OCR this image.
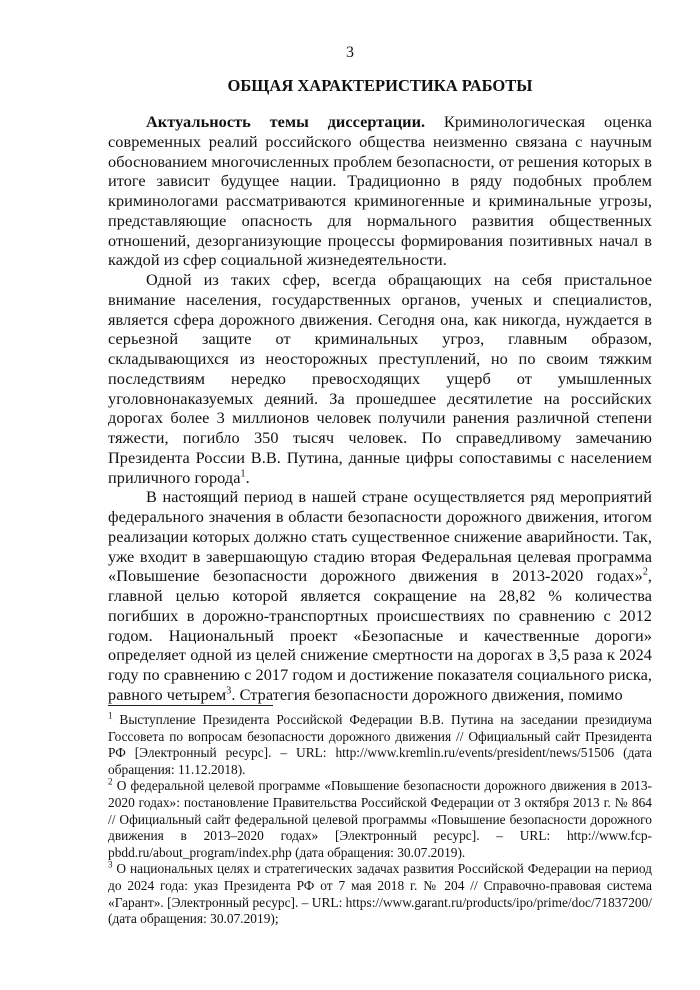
3
ОБЩАЯ ХАРАКТЕРИСТИКА РАБОТЫ

Актуальность темы диссертации. Криминологическая оценка современных реалий российского общества неизменно связана с научным обоснованием многочисленных проблем безопасности, от решения которых в итоге зависит будущее нации. Традиционно в ряду подобных проблем криминологами рассматриваются криминогенные и криминальные угрозы, представляющие опасность для нормального развития общественных отношений, дезорганизующие процессы формирования позитивных начал в каждой из сфер социальной жизнедеятельности.

Одной из таких сфер, всегда обращающих на себя пристальное внимание населения, государственных органов, ученых и специалистов, является сфера дорожного движения. Сегодня она, как никогда, нуждается в серьезной защите от криминальных угроз, главным образом, складывающихся из неосторожных преступлений, но по своим тяжким последствиям нередко превосходящих ущерб от умышленных уголовнонаказуемых деяний. За прошедшее десятилетие на российских дорогах более 3 миллионов человек получили ранения различной степени тяжести, погибло 350 тысяч человек. По справедливому замечанию Президента России В.В. Путина, данные цифры сопоставимы с населением приличного города$^1$.

В настоящий период в нашей стране осуществляется ряд мероприятий федерального значения в области безопасности дорожного движения, итогом реализации которых должно стать существенное снижение аварийности. Так, уже входит в завершающую стадию вторая Федеральная целевая программа «Повышение безопасности дорожного движения в 2013-2020 годах»$^2$, главной целью которой является сокращение на 28,82 % количества погибших в дорожно-транспортных происшествиях по сравнению с 2012 годом. Национальный проект «Безопасные и качественные дороги» определяет одной из целей снижение смертности на дорогах в 3,5 раза к 2024 году по сравнению с 2017 годом и достижение показателя социального риска, равного четырем$^3$. Стратегия безопасности дорожного движения, помимо

$^1$ Выступление Президента Российской Федерации В.В. Путина на заседании президиума Госсовета по вопросам безопасности дорожного движения // Официальный сайт Президента РФ [Электронный ресурс]. – URL: http://www.kremlin.ru/events/president/news/51506 (дата обращения: 11.12.2018).

$^2$ О федеральной целевой программе «Повышение безопасности дорожного движения в 2013-2020 годах»: постановление Правительства Российской Федерации от 3 октября 2013 г. № 864 // Официальный сайт федеральной целевой программы «Повышение безопасности дорожного движения в 2013–2020 годах» [Электронный ресурс]. – URL: http://www.fcp-pbdd.ru/about_program/index.php (дата обращения: 30.07.2019).

$^3$ О национальных целях и стратегических задачах развития Российской Федерации на период до 2024 года: указ Президента РФ от 7 мая 2018 г. № 204 // Справочно-правовая система «Гарант». [Электронный ресурс]. – URL: https://www.garant.ru/products/ipo/prime/doc/71837200/ (дата обращения: 30.07.2019);
